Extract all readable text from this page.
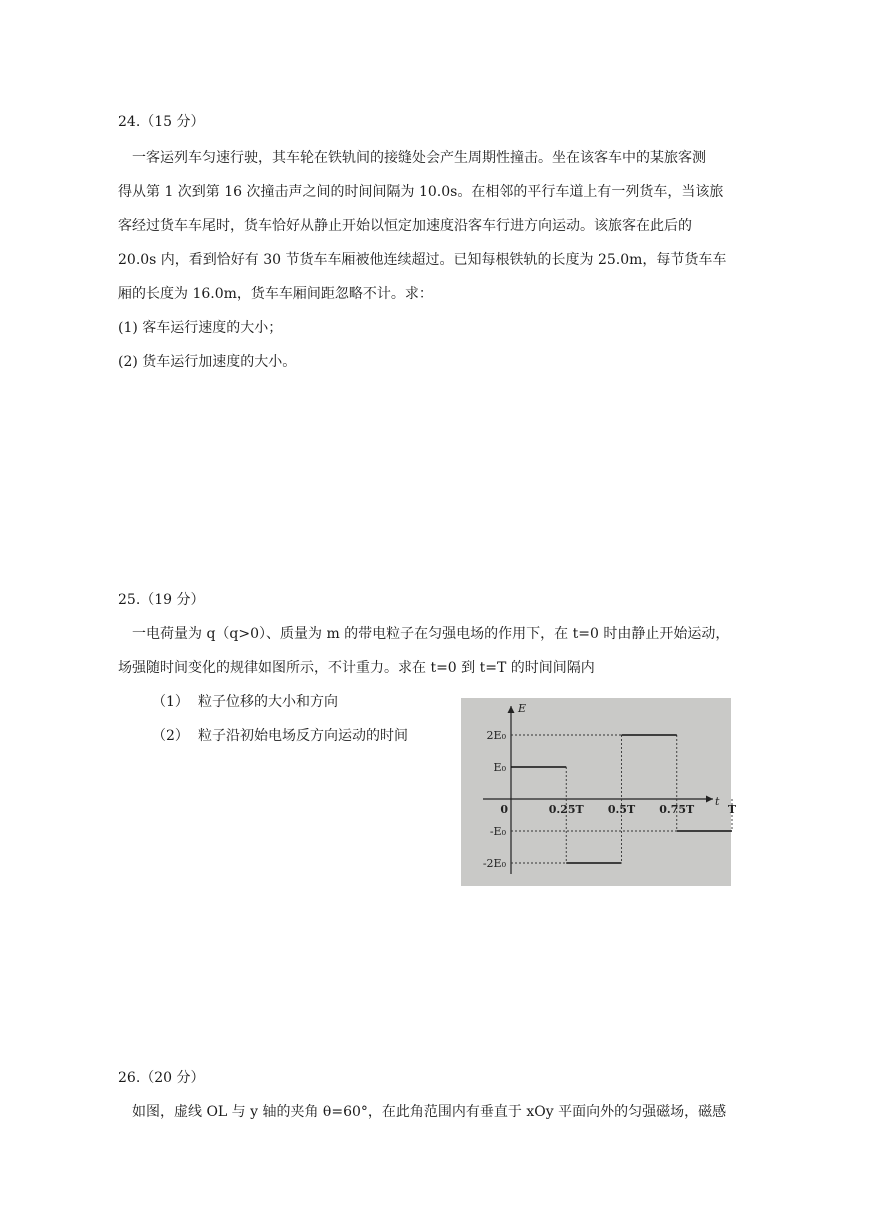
24.（15 分）
一客运列车匀速行驶，其车轮在铁轨间的接缝处会产生周期性撞击。坐在该客车中的某旅客测
得从第 1 次到第 16 次撞击声之间的时间间隔为 10.0s。在相邻的平行车道上有一列货车，当该旅
客经过货车车尾时，货车恰好从静止开始以恒定加速度沿客车行进方向运动。该旅客在此后的
20.0s 内，看到恰好有 30 节货车车厢被他连续超过。已知每根铁轨的长度为 25.0m，每节货车车
厢的长度为 16.0m，货车车厢间距忽略不计。求：
(1) 客车运行速度的大小；
(2) 货车运行加速度的大小。
25.（19 分）
一电荷量为 q（q>0）、质量为 m 的带电粒子在匀强电场的作用下，在 t=0 时由静止开始运动，
场强随时间变化的规律如图所示，不计重力。求在 t=0 到 t=T 的时间间隔内
（1） 粒子位移的大小和方向
（2） 粒子沿初始电场反方向运动的时间
E
t
2E₀
E₀
-E₀
-2E₀
0	0.25T 0.5T 0.75T	T
26.（20 分）
如图，虚线 OL 与 y 轴的夹角 θ=60°，在此角范围内有垂直于 xOy 平面向外的匀强磁场，磁感
